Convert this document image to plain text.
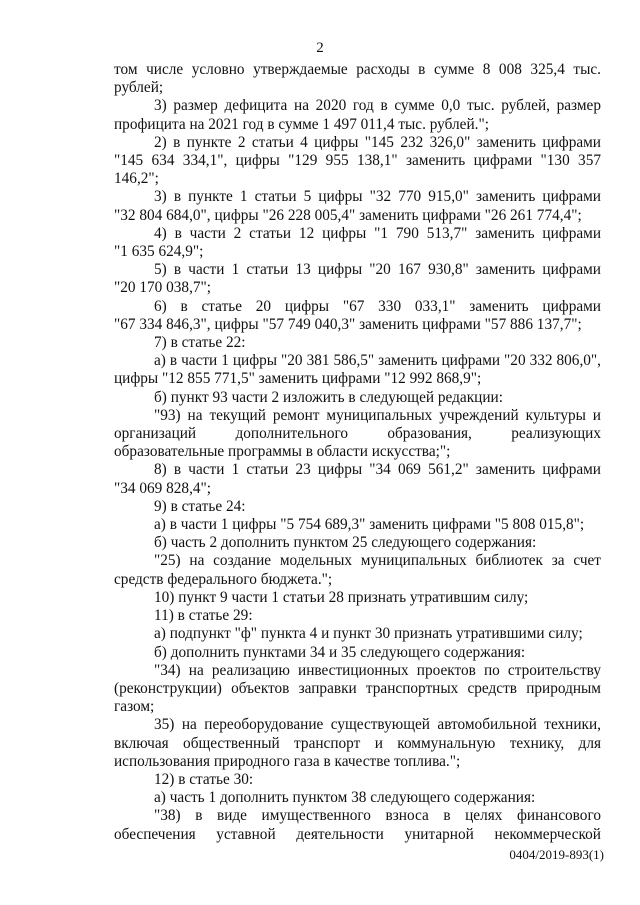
2
том числе условно утверждаемые расходы в сумме 8 008 325,4 тыс.
рублей;
3) размер дефицита на 2020 год в сумме 0,0 тыс. рублей, размер
профицита на 2021 год в сумме 1 497 011,4 тыс. рублей.";
2) в пункте 2 статьи 4 цифры "145 232 326,0" заменить цифрами
"145 634 334,1", цифры "129 955 138,1" заменить цифрами "130 357 146,2";
3) в пункте 1 статьи 5 цифры "32 770 915,0" заменить цифрами
"32 804 684,0", цифры "26 228 005,4" заменить цифрами "26 261 774,4";
4) в части 2 статьи 12 цифры "1 790 513,7" заменить цифрами
"1 635 624,9";
5) в части 1 статьи 13 цифры "20 167 930,8" заменить цифрами
"20 170 038,7";
6) в статье 20 цифры "67 330 033,1" заменить цифрами
"67 334 846,3", цифры "57 749 040,3" заменить цифрами "57 886 137,7";
7) в статье 22:
а) в части 1 цифры "20 381 586,5" заменить цифрами "20 332 806,0",
цифры "12 855 771,5" заменить цифрами "12 992 868,9";
б) пункт 93 части 2 изложить в следующей редакции:
"93) на текущий ремонт муниципальных учреждений культуры и
организаций дополнительного образования, реализующих
образовательные программы в области искусства;";
8) в части 1 статьи 23 цифры "34 069 561,2" заменить цифрами
"34 069 828,4";
9) в статье 24:
а) в части 1 цифры "5 754 689,3" заменить цифрами "5 808 015,8";
б) часть 2 дополнить пунктом 25 следующего содержания:
"25) на создание модельных муниципальных библиотек за счет
средств федерального бюджета.";
10) пункт 9 части 1 статьи 28 признать утратившим силу;
11) в статье 29:
а) подпункт "ф" пункта 4 и пункт 30 признать утратившими силу;
б) дополнить пунктами 34 и 35 следующего содержания:
"34) на реализацию инвестиционных проектов по строительству
(реконструкции) объектов заправки транспортных средств природным
газом;
35) на переоборудование существующей автомобильной техники,
включая общественный транспорт и коммунальную технику, для
использования природного газа в качестве топлива.";
12) в статье 30:
а) часть 1 дополнить пунктом 38 следующего содержания:
"38) в виде имущественного взноса в целях финансового
обеспечения уставной деятельности унитарной некоммерческой
0404/2019-893(1)
